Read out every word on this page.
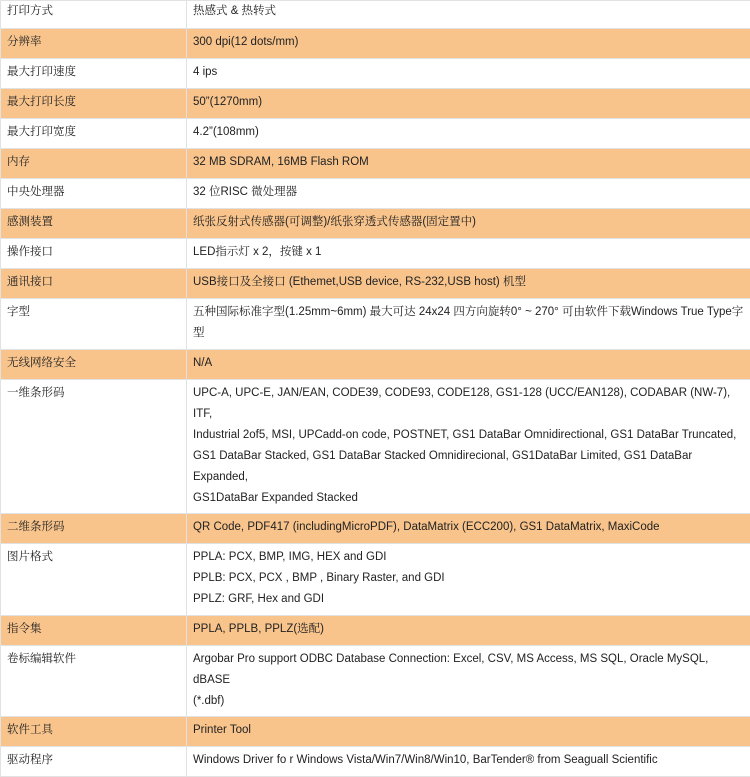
打印方式	热感式 & 热转式

分辨率	300 dpi(12 dots/mm)

最大打印速度	4 ips

最大打印长度	50”(1270mm)

最大打印宽度	4.2”(108mm)

内存	32 MB SDRAM, 16MB Flash ROM

中央处理器	32 位RISC 微处理器

感测装置	纸张反射式传感器(可调整)/纸张穿透式传感器(固定置中)

操作接口	LED指示灯 x 2，按键 x 1

通讯接口	USB接口及全接口 (Ethemet,USB device, RS-232,USB host) 机型

字型	五种国际标准字型(1.25mm~6mm) 最大可达 24x24 四方向旋转0° ~ 270° 可由软件下载Windows True Type字
型

无线网络安全	N/A

一维条形码	UPC-A, UPC-E, JAN/EAN, CODE39, CODE93, CODE128, GS1-128 (UCC/EAN128), CODABAR (NW-7), ITF,
Industrial 2of5, MSI, UPCadd-on code, POSTNET, GS1 DataBar Omnidirectional, GS1 DataBar Truncated,
GS1 DataBar Stacked, GS1 DataBar Stacked Omnidirecional, GS1DataBar Limited, GS1 DataBar Expanded,
GS1DataBar Expanded Stacked

二维条形码	QR Code, PDF417 (includingMicroPDF), DataMatrix (ECC200), GS1 DataMatrix, MaxiCode

图片格式	PPLA: PCX, BMP, IMG, HEX and GDI
PPLB: PCX, PCX , BMP , Binary Raster, and GDI
PPLZ: GRF, Hex and GDI

指令集	PPLA, PPLB, PPLZ(选配)

卷标编辑软件	Argobar Pro support ODBC Database Connection: Excel, CSV, MS Access, MS SQL, Oracle MySQL, dBASE
(*.dbf)

软件工具	Printer Tool

驱动程序	Windows Driver fo r Windows Vista/Win7/Win8/Win10, BarTender® from Seaguall Scientific
